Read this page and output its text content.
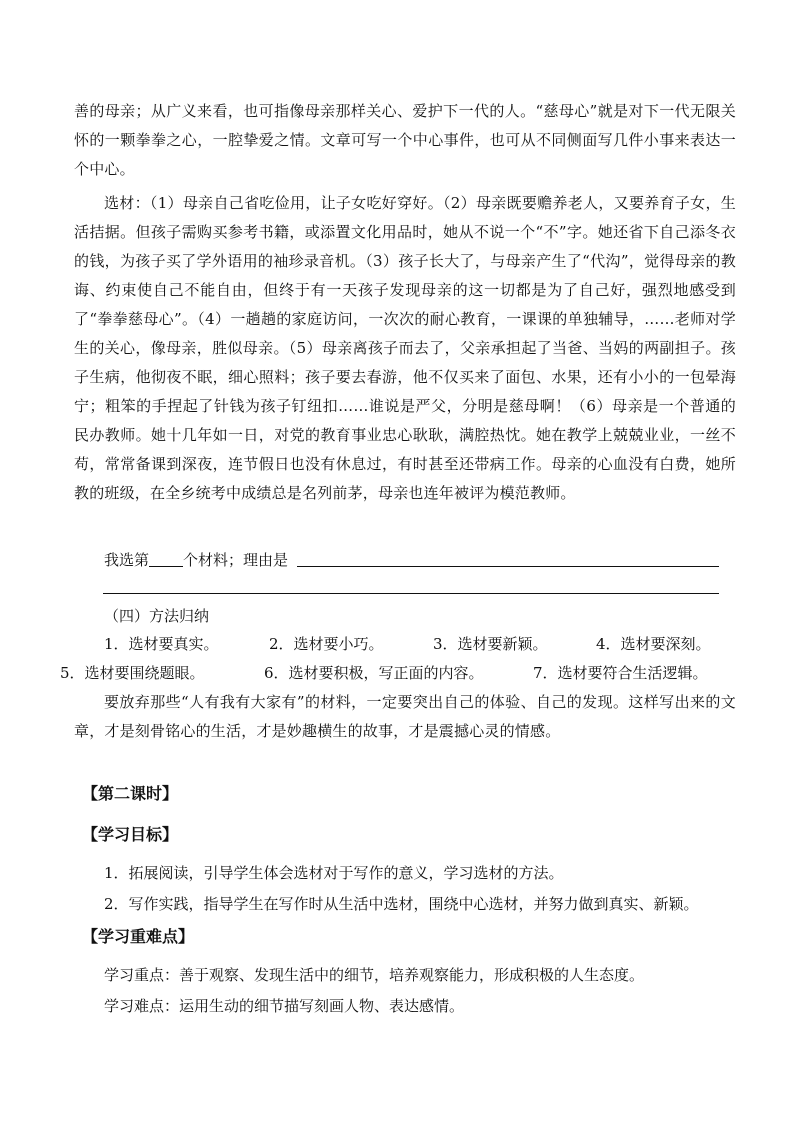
善的母亲；从广义来看，也可指像母亲那样关心、爱护下一代的人。“慈母心”就是对下一代无限关怀的一颗拳拳之心，一腔挚爱之情。文章可写一个中心事件，也可从不同侧面写几件小事来表达一个中心。

选材：（1）母亲自己省吃俭用，让子女吃好穿好。（2）母亲既要赡养老人，又要养育子女，生活拮据。但孩子需购买参考书籍，或添置文化用品时，她从不说一个“不”字。她还省下自己添冬衣的钱，为孩子买了学外语用的袖珍录音机。（3）孩子长大了，与母亲产生了“代沟”，觉得母亲的教诲、约束使自己不能自由，但终于有一天孩子发现母亲的这一切都是为了自己好，强烈地感受到了“拳拳慈母心”。（4）一趟趟的家庭访问，一次次的耐心教育，一课课的单独辅导，……老师对学生的关心，像母亲，胜似母亲。（5）母亲离孩子而去了，父亲承担起了当爸、当妈的两副担子。孩子生病，他彻夜不眠，细心照料；孩子要去春游，他不仅买来了面包、水果，还有小小的一包晕海宁；粗笨的手捏起了针钱为孩子钉纽扣……谁说是严父，分明是慈母啊！（6）母亲是一个普通的民办教师。她十几年如一日，对党的教育事业忠心耿耿，满腔热忱。她在教学上兢兢业业，一丝不苟，常常备课到深夜，连节假日也没有休息过，有时甚至还带病工作。母亲的心血没有白费，她所教的班级，在全乡统考中成绩总是名列前茅，母亲也连年被评为模范教师。

我选第 个材料；理由是
（四）方法归纳
1．选材要真实。	2．选材要小巧。	3．选材要新颖。	4．选材要深刻。
5．选材要围绕题眼。	6．选材要积极，写正面的内容。	7．选材要符合生活逻辑。

要放弃那些“人有我有大家有”的材料，一定要突出自己的体验、自己的发现。这样写出来的文章，才是刻骨铭心的生活，才是妙趣横生的故事，才是震撼心灵的情感。

【第二课时】
【学习目标】
1．拓展阅读，引导学生体会选材对于写作的意义，学习选材的方法。
2．写作实践，指导学生在写作时从生活中选材，围绕中心选材，并努力做到真实、新颖。
【学习重难点】
学习重点：善于观察、发现生活中的细节，培养观察能力，形成积极的人生态度。
学习难点：运用生动的细节描写刻画人物、表达感情。
